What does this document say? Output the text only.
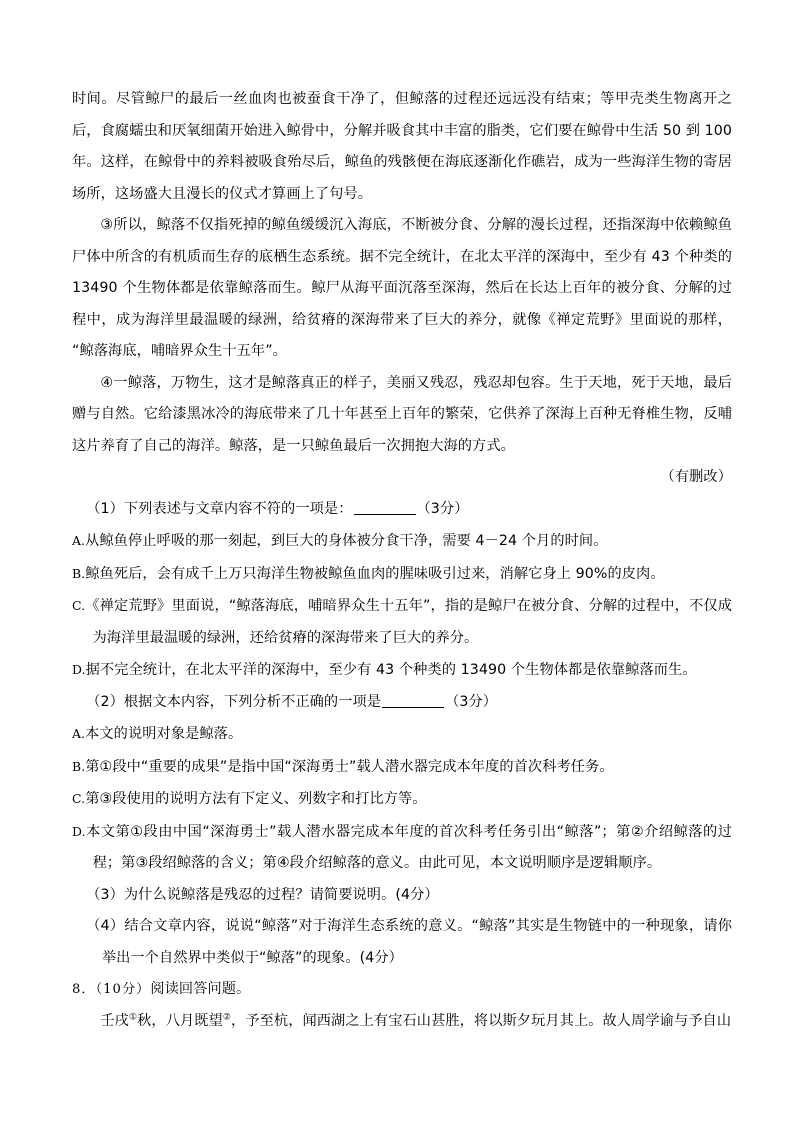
时间。尽管鲸尸的最后一丝血肉也被蚕食干净了，但鲸落的过程还远远没有结束；等甲壳类生物离开之后，食腐蠕虫和厌氧细菌开始进入鲸骨中，分解并吸食其中丰富的脂类，它们要在鲸骨中生活 50 到 100 年。这样，在鲸骨中的养料被吸食殆尽后，鲸鱼的残骸便在海底逐渐化作礁岩，成为一些海洋生物的寄居场所，这场盛大且漫长的仪式才算画上了句号。

③所以，鲸落不仅指死掉的鲸鱼缓缓沉入海底，不断被分食、分解的漫长过程，还指深海中依赖鲸鱼尸体中所含的有机质而生存的底栖生态系统。据不完全统计，在北太平洋的深海中，至少有 43 个种类的 13490 个生物体都是依靠鲸落而生。鲸尸从海平面沉落至深海，然后在长达上百年的被分食、分解的过程中，成为海洋里最温暖的绿洲，给贫瘠的深海带来了巨大的养分，就像《禅定荒野》里面说的那样，“鲸落海底，哺暗界众生十五年”。

④一鲸落，万物生，这才是鲸落真正的样子，美丽又残忍，残忍却包容。生于天地，死于天地，最后赠与自然。它给漆黑冰冷的海底带来了几十年甚至上百年的繁荣，它供养了深海上百种无脊椎生物，反哺这片养育了自己的海洋。鲸落，是一只鲸鱼最后一次拥抱大海的方式。

（有删改）

（1）下列表述与文章内容不符的一项是：	（3分）

A.从鲸鱼停止呼吸的那一刻起，到巨大的身体被分食干净，需要 4－24 个月的时间。

B.鲸鱼死后，会有成千上万只海洋生物被鲸鱼血肉的腥味吸引过来，消解它身上 90%的皮肉。

C.《禅定荒野》里面说，“鲸落海底，哺暗界众生十五年”，指的是鲸尸在被分食、分解的过程中，不仅成为海洋里最温暖的绿洲，还给贫瘠的深海带来了巨大的养分。

D.据不完全统计，在北太平洋的深海中，至少有 43 个种类的 13490 个生物体都是依靠鲸落而生。

（2）根据文本内容，下列分析不正确的一项是	（3分）

A.本文的说明对象是鲸落。

B.第①段中“重要的成果”是指中国“深海勇士”载人潜水器完成本年度的首次科考任务。

C.第③段使用的说明方法有下定义、列数字和打比方等。

D.本文第①段由中国“深海勇士”载人潜水器完成本年度的首次科考任务引出“鲸落”；第②介绍鲸落的过程；第③段绍鲸落的含义；第④段介绍鲸落的意义。由此可见，本文说明顺序是逻辑顺序。

（3）为什么说鲸落是残忍的过程？请简要说明。(4分）

（4）结合文章内容，说说“鲸落”对于海洋生态系统的意义。“鲸落”其实是生物链中的一种现象，请你举出一个自然界中类似于“鲸落”的现象。(4分）

8．（10分）阅读回答问题。

壬戌①秋，八月既望②，予至杭，闻西湖之上有宝石山甚胜，将以斯夕玩月其上。故人周学谕与予自山
